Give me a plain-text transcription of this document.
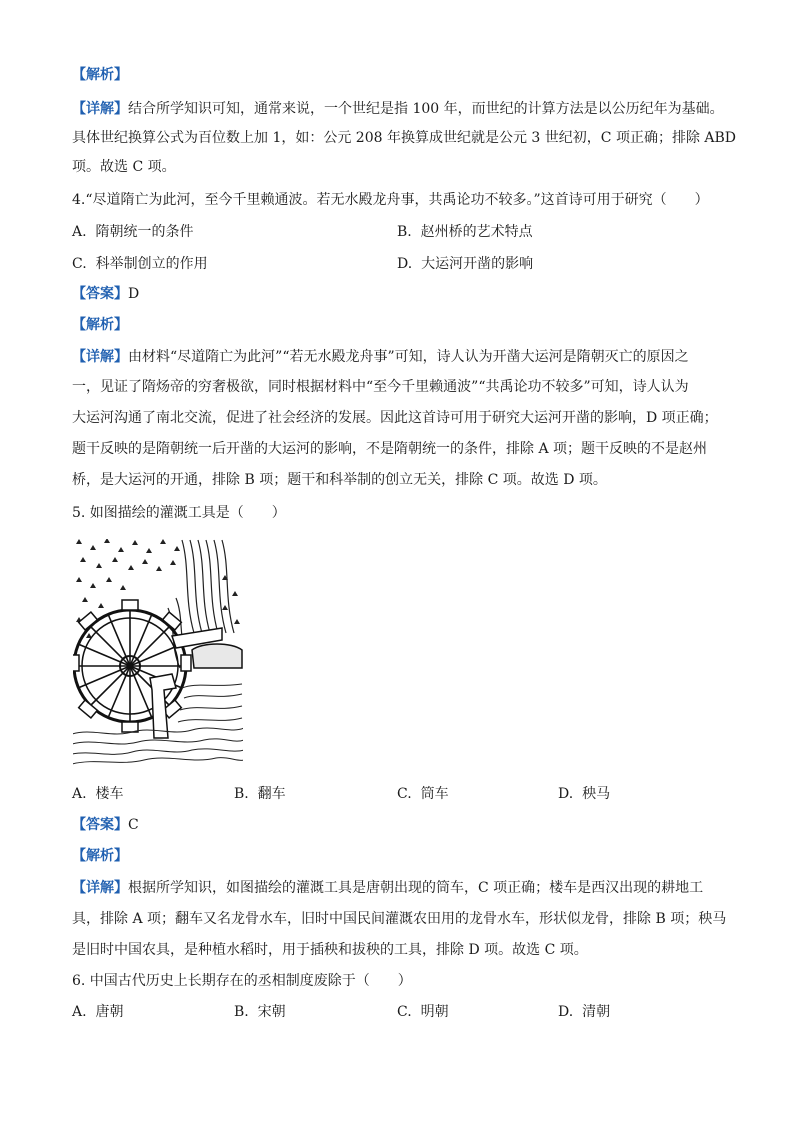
【解析】
【详解】结合所学知识可知，通常来说，一个世纪是指 100 年，而世纪的计算方法是以公历纪年为基础。
具体世纪换算公式为百位数上加 1，如：公元 208 年换算成世纪就是公元 3 世纪初，C 项正确；排除 ABD
项。故选 C 项。
4.“尽道隋亡为此河，至今千里赖通波。若无水殿龙舟事，共禹论功不较多。”这首诗可用于研究（　　）
A. 隋朝统一的条件	B. 赵州桥的艺术特点
C. 科举制创立的作用	D. 大运河开凿的影响
【答案】D
【解析】
【详解】由材料“尽道隋亡为此河”“若无水殿龙舟事”可知，诗人认为开凿大运河是隋朝灭亡的原因之
一，见证了隋炀帝的穷奢极欲，同时根据材料中“至今千里赖通波”“共禹论功不较多”可知，诗人认为
大运河沟通了南北交流，促进了社会经济的发展。因此这首诗可用于研究大运河开凿的影响，D 项正确；
题干反映的是隋朝统一后开凿的大运河的影响，不是隋朝统一的条件，排除 A 项；题干反映的不是赵州
桥，是大运河的开通，排除 B 项；题干和科举制的创立无关，排除 C 项。故选 D 项。
5. 如图描绘的灌溉工具是（　　）
A. 楼车	B. 翻车	C. 筒车	D. 秧马
【答案】C
【解析】
【详解】根据所学知识，如图描绘的灌溉工具是唐朝出现的筒车，C 项正确；楼车是西汉出现的耕地工
具，排除 A 项；翻车又名龙骨水车，旧时中国民间灌溉农田用的龙骨水车，形状似龙骨，排除 B 项；秧马
是旧时中国农具，是种植水稻时，用于插秧和拔秧的工具，排除 D 项。故选 C 项。
6. 中国古代历史上长期存在的丞相制度废除于（　　）
A. 唐朝	B. 宋朝	C. 明朝	D. 清朝
